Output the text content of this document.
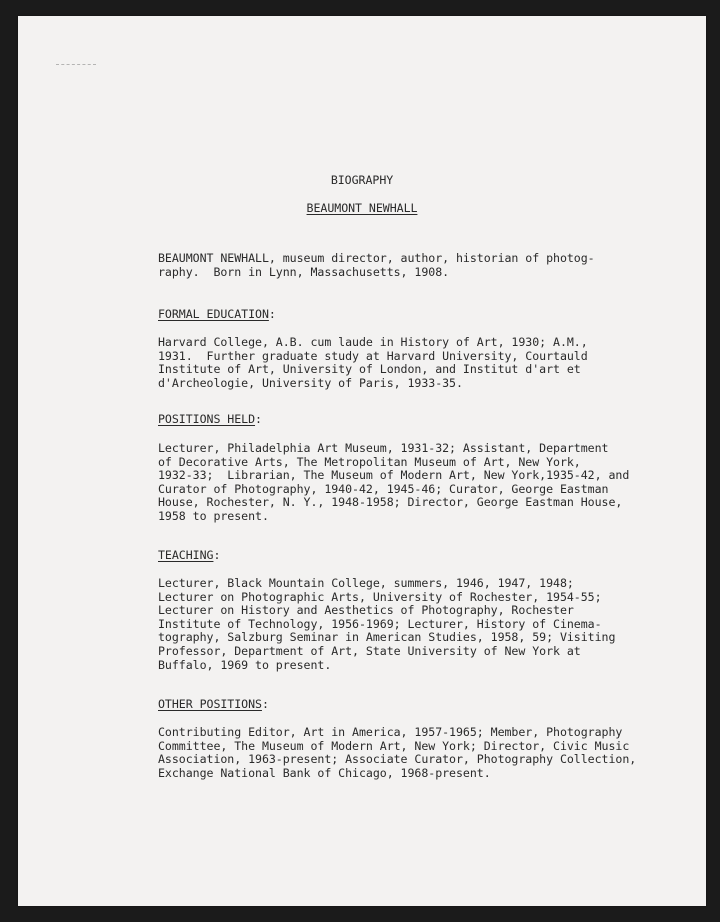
BIOGRAPHY
BEAUMONT NEWHALL
BEAUMONT NEWHALL, museum director, author, historian of photog-
raphy.  Born in Lynn, Massachusetts, 1908.
FORMAL EDUCATION:
Harvard College, A.B. cum laude in History of Art, 1930; A.M.,
1931.  Further graduate study at Harvard University, Courtauld
Institute of Art, University of London, and Institut d'art et
d'Archeologie, University of Paris, 1933-35.
POSITIONS HELD:
Lecturer, Philadelphia Art Museum, 1931-32; Assistant, Department
of Decorative Arts, The Metropolitan Museum of Art, New York,
1932-33;  Librarian, The Museum of Modern Art, New York,1935-42, and
Curator of Photography, 1940-42, 1945-46; Curator, George Eastman
House, Rochester, N. Y., 1948-1958; Director, George Eastman House,
1958 to present.
TEACHING:
Lecturer, Black Mountain College, summers, 1946, 1947, 1948;
Lecturer on Photographic Arts, University of Rochester, 1954-55;
Lecturer on History and Aesthetics of Photography, Rochester
Institute of Technology, 1956-1969; Lecturer, History of Cinema-
tography, Salzburg Seminar in American Studies, 1958, 59; Visiting
Professor, Department of Art, State University of New York at
Buffalo, 1969 to present.
OTHER POSITIONS:
Contributing Editor, Art in America, 1957-1965; Member, Photography
Committee, The Museum of Modern Art, New York; Director, Civic Music
Association, 1963-present; Associate Curator, Photography Collection,
Exchange National Bank of Chicago, 1968-present.
